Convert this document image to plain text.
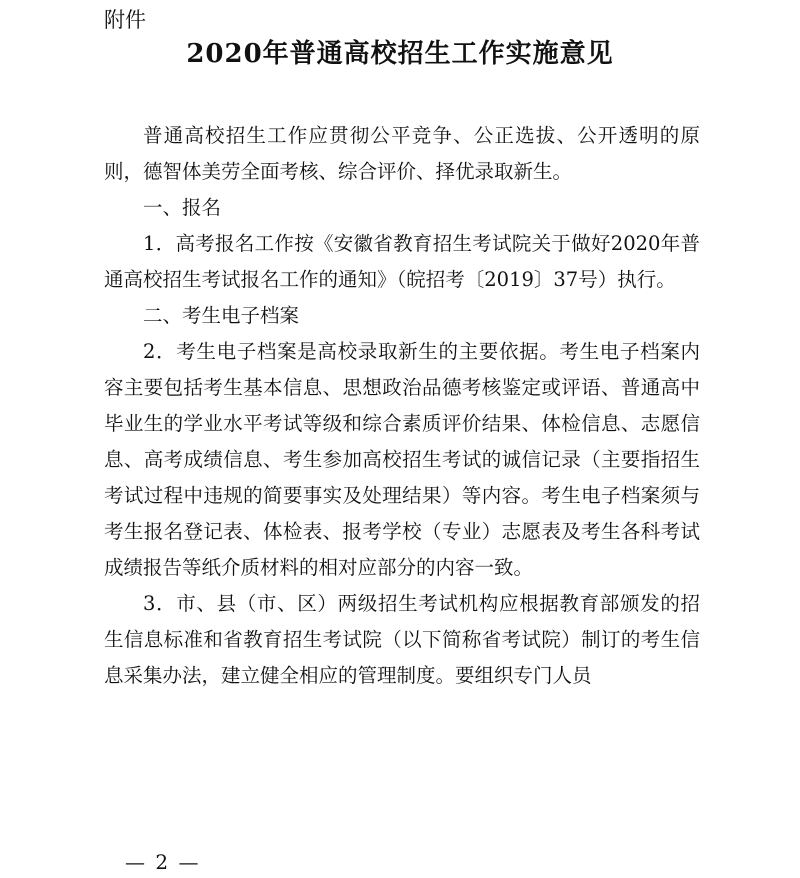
附件
2020年普通高校招生工作实施意见

普通高校招生工作应贯彻公平竞争、公正选拔、公开透明的原则，德智体美劳全面考核、综合评价、择优录取新生。

一、报名

1．高考报名工作按《安徽省教育招生考试院关于做好2020年普通高校招生考试报名工作的通知》（皖招考〔2019〕37号）执行。

二、考生电子档案

2．考生电子档案是高校录取新生的主要依据。考生电子档案内容主要包括考生基本信息、思想政治品德考核鉴定或评语、普通高中毕业生的学业水平考试等级和综合素质评价结果、体检信息、志愿信息、高考成绩信息、考生参加高校招生考试的诚信记录（主要指招生考试过程中违规的简要事实及处理结果）等内容。考生电子档案须与考生报名登记表、体检表、报考学校（专业）志愿表及考生各科考试成绩报告等纸介质材料的相对应部分的内容一致。

3．市、县（市、区）两级招生考试机构应根据教育部颁发的招生信息标准和省教育招生考试院（以下简称省考试院）制订的考生信息采集办法，建立健全相应的管理制度。要组织专门人员

— 2 —
